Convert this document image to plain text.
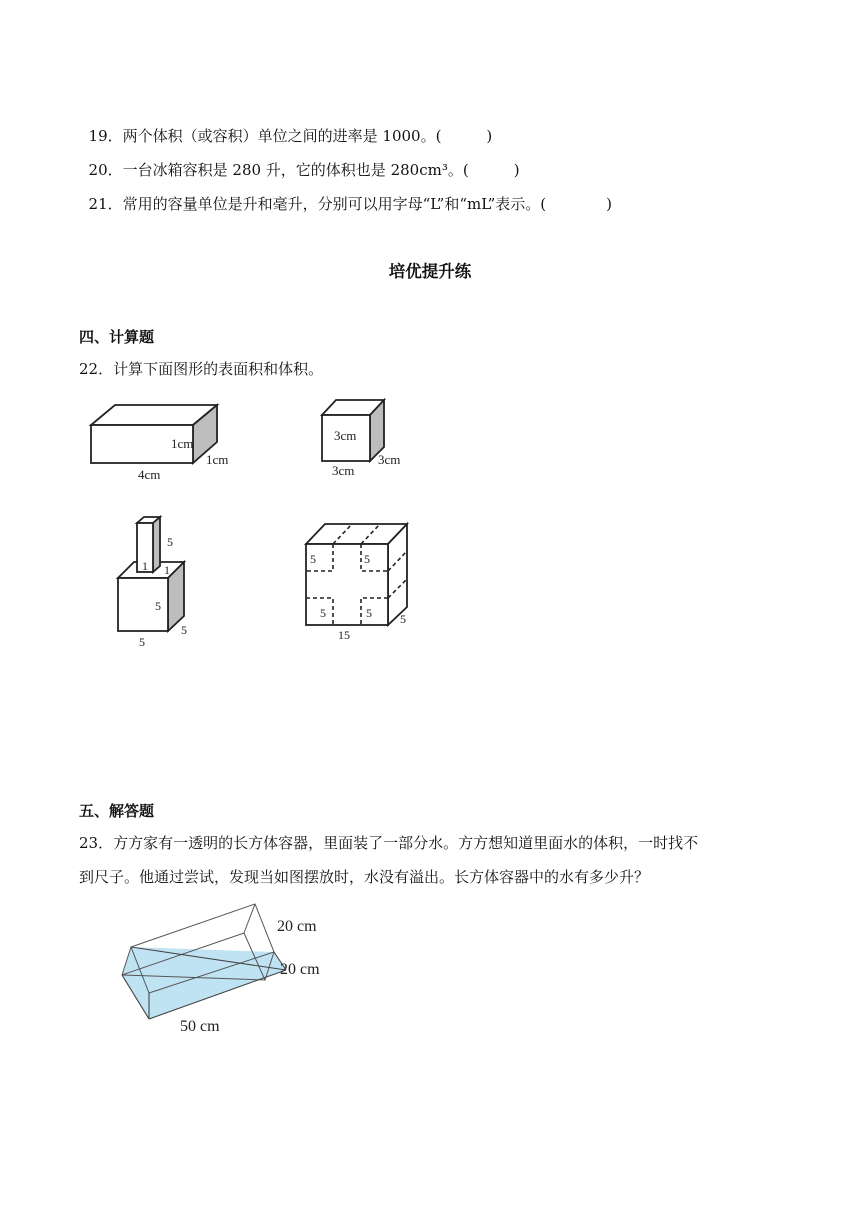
19．两个体积（或容积）单位之间的进率是 1000。(　　　)

20．一台冰箱容积是 280 升，它的体积也是 280cm³。(　　　)

21．常用的容量单位是升和毫升，分别可以用字母“L”和“mL”表示。(　　　　)

培优提升练
四、计算题
22．计算下面图形的表面积和体积。
1cm
1cm
4cm
3cm
3cm
3cm
5
1 1
5
5
5
5	5
5	5
15
5
五、解答题
23．方方家有一透明的长方体容器，里面装了一部分水。方方想知道里面水的体积，一时找不
到尺子。他通过尝试，发现当如图摆放时，水没有溢出。长方体容器中的水有多少升？
20 cm
20 cm
50 cm
